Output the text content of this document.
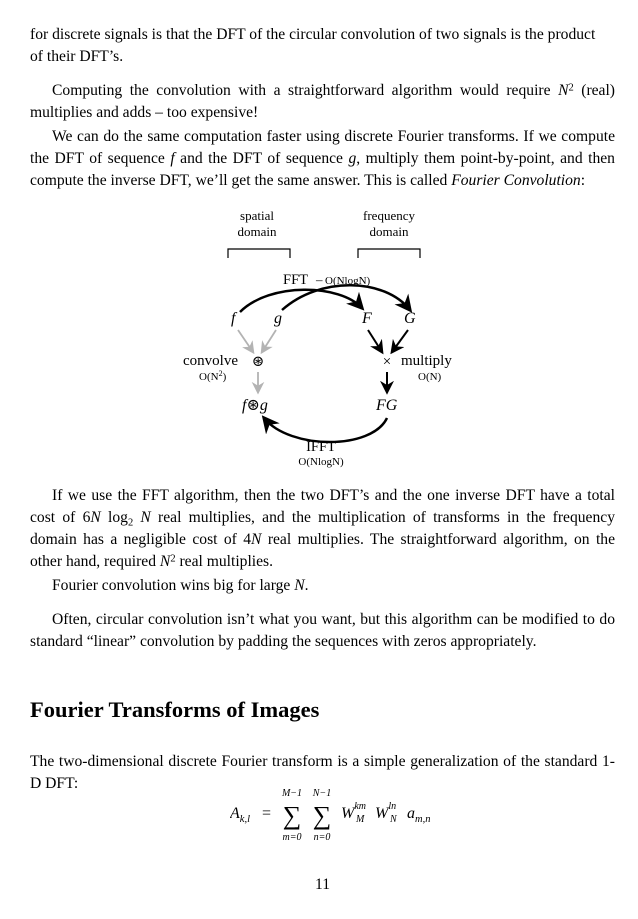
for discrete signals is that the DFT of the circular convolution of two signals is the product
of their DFT’s.

Computing the convolution with a straightforward algorithm would require $N^2$ (real) multiplies and adds – too expensive!

We can do the same computation faster using discrete Fourier transforms. If we compute the DFT of sequence f and the DFT of sequence g, multiply them point-by-point, and then compute the inverse DFT, we’ll get the same answer. This is called Fourier Convolution:

spatial
domain
frequency
domain
FFT – O(NlogN)
f g	F G
convolve ⊛
$O(N^2)$
× multiply
O(N)
f⊛g	FG
IFFT
O(NlogN)

If we use the FFT algorithm, then the two DFT’s and the one inverse DFT have a total cost of 6N $\log_2 N$ real multiplies, and the multiplication of transforms in the frequency domain has a negligible cost of 4N real multiplies. The straightforward algorithm, on the other hand, required $N^2$ real multiplies.

Fourier convolution wins big for large N.

Often, circular convolution isn’t what you want, but this algorithm can be modified to do standard “linear” convolution by padding the sequences with zeros appropriately.

Fourier Transforms of Images

The two-dimensional discrete Fourier transform is a simple generalization of the standard 1-D DFT:

$A_{k,l}$ =
M−1
∑
m=0
N−1
∑
n=0
$W^{km}$
M $W^{ln}$
N $a_{m,n}$
11
